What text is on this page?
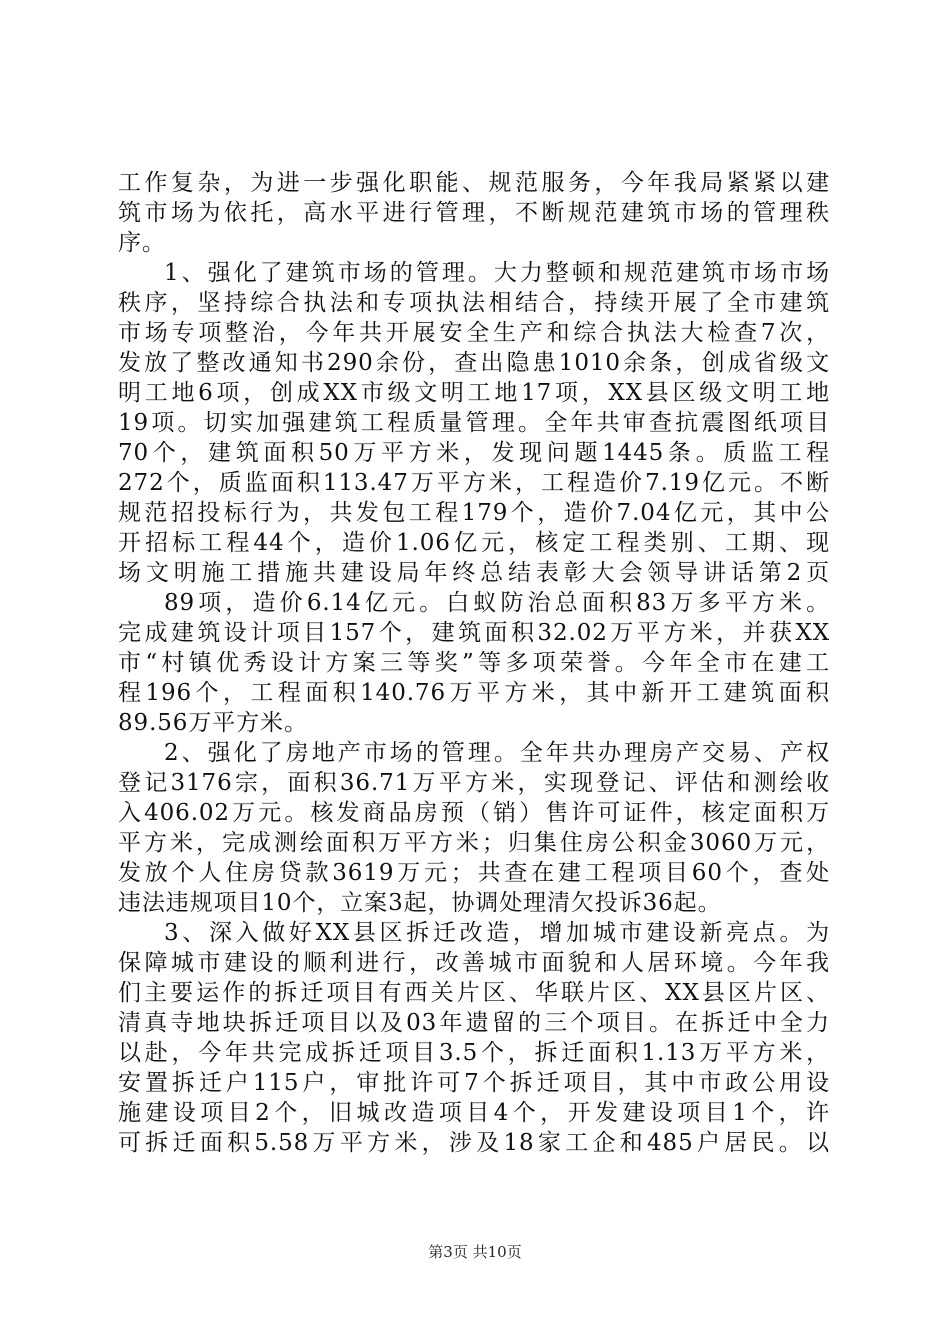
工作复杂，为进一步强化职能、规范服务，今年我局紧紧以建
筑市场为依托，高水平进行管理，不断规范建筑市场的管理秩
序。
1、强化了建筑市场的管理。大力整顿和规范建筑市场市场
秩序，坚持综合执法和专项执法相结合，持续开展了全市建筑
市场专项整治，今年共开展安全生产和综合执法大检查7次，
发放了整改通知书290余份，查出隐患1010余条，创成省级文
明工地6项，创成XX市级文明工地17项，XX县区级文明工地
19项。切实加强建筑工程质量管理。全年共审查抗震图纸项目
70个，建筑面积50万平方米，发现问题1445条。质监工程
272个，质监面积113.47万平方米，工程造价7.19亿元。不断
规范招投标行为，共发包工程179个，造价7.04亿元，其中公
开招标工程44个，造价1.06亿元，核定工程类别、工期、现
场文明施工措施共建设局年终总结表彰大会领导讲话第2页
89项，造价6.14亿元。白蚁防治总面积83万多平方米。
完成建筑设计项目157个，建筑面积32.02万平方米，并获XX
市“村镇优秀设计方案三等奖”等多项荣誉。今年全市在建工
程196个，工程面积140.76万平方米，其中新开工建筑面积
89.56万平方米。
2、强化了房地产市场的管理。全年共办理房产交易、产权
登记3176宗，面积36.71万平方米，实现登记、评估和测绘收
入406.02万元。核发商品房预（销）售许可证件，核定面积万
平方米，完成测绘面积万平方米；归集住房公积金3060万元，
发放个人住房贷款3619万元；共查在建工程项目60个，查处
违法违规项目10个，立案3起，协调处理清欠投诉36起。
3、深入做好XX县区拆迁改造，增加城市建设新亮点。为
保障城市建设的顺利进行，改善城市面貌和人居环境。今年我
们主要运作的拆迁项目有西关片区、华联片区、XX县区片区、
清真寺地块拆迁项目以及03年遗留的三个项目。在拆迁中全力
以赴，今年共完成拆迁项目3.5个，拆迁面积1.13万平方米，
安置拆迁户115户，审批许可7个拆迁项目，其中市政公用设
施建设项目2个，旧城改造项目4个，开发建设项目1个，许
可拆迁面积5.58万平方米，涉及18家工企和485户居民。以
第3页 共10页
